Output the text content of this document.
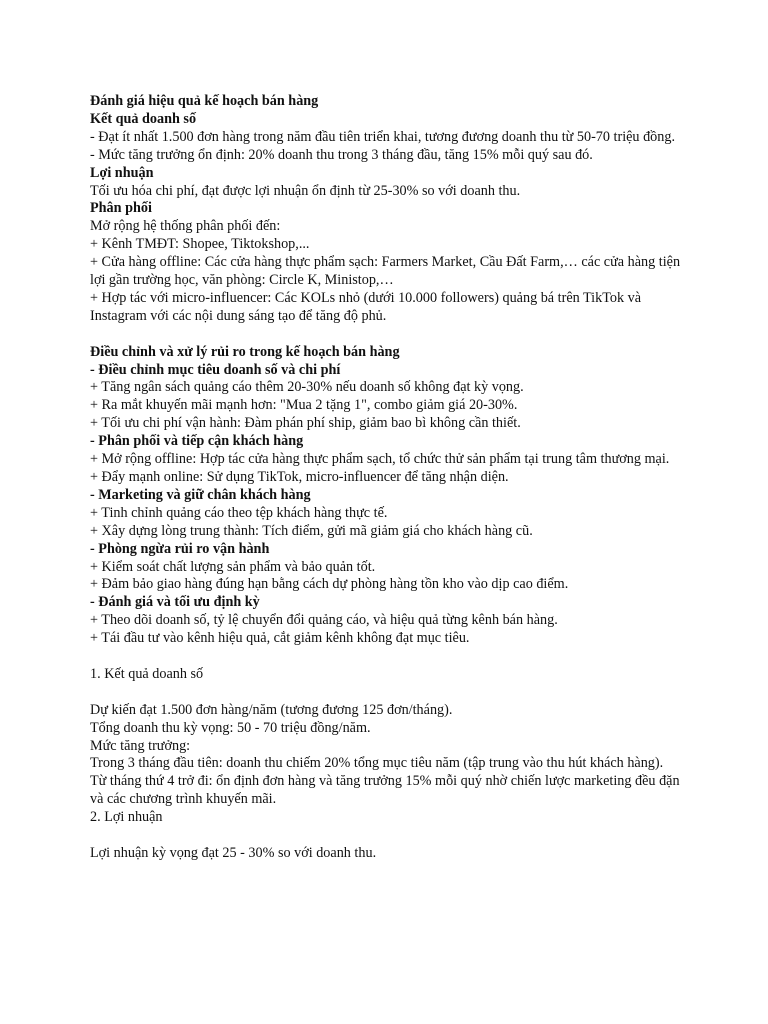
Đánh giá hiệu quả kế hoạch bán hàng

Kết quả doanh số

- Đạt ít nhất 1.500 đơn hàng trong năm đầu tiên triển khai, tương đương doanh thu từ 50-70 triệu đồng.

- Mức tăng trưởng ổn định: 20% doanh thu trong 3 tháng đầu, tăng 15% mỗi quý sau đó.

Lợi nhuận

Tối ưu hóa chi phí, đạt được lợi nhuận ổn định từ 25-30% so với doanh thu.

Phân phối

Mở rộng hệ thống phân phối đến:

+ Kênh TMĐT: Shopee, Tiktokshop,...

+ Cửa hàng offline: Các cửa hàng thực phẩm sạch: Farmers Market, Cầu Đất Farm,… các cửa hàng tiện lợi gần trường học, văn phòng: Circle K, Ministop,…

+ Hợp tác với micro-influencer: Các KOLs nhỏ (dưới 10.000 followers) quảng bá trên TikTok và Instagram với các nội dung sáng tạo để tăng độ phủ.

Điều chỉnh và xử lý rủi ro trong kế hoạch bán hàng

- Điều chỉnh mục tiêu doanh số và chi phí

+ Tăng ngân sách quảng cáo thêm 20-30% nếu doanh số không đạt kỳ vọng.

+ Ra mắt khuyến mãi mạnh hơn: "Mua 2 tặng 1", combo giảm giá 20-30%.

+ Tối ưu chi phí vận hành: Đàm phán phí ship, giảm bao bì không cần thiết.

- Phân phối và tiếp cận khách hàng

+ Mở rộng offline: Hợp tác cửa hàng thực phẩm sạch, tổ chức thử sản phẩm tại trung tâm thương mại.

+ Đẩy mạnh online: Sử dụng TikTok, micro-influencer để tăng nhận diện.

- Marketing và giữ chân khách hàng

+ Tinh chỉnh quảng cáo theo tệp khách hàng thực tế.

+ Xây dựng lòng trung thành: Tích điểm, gửi mã giảm giá cho khách hàng cũ.

- Phòng ngừa rủi ro vận hành

+ Kiểm soát chất lượng sản phẩm và bảo quản tốt.

+ Đảm bảo giao hàng đúng hạn bằng cách dự phòng hàng tồn kho vào dịp cao điểm.

- Đánh giá và tối ưu định kỳ

+ Theo dõi doanh số, tỷ lệ chuyển đổi quảng cáo, và hiệu quả từng kênh bán hàng.

+ Tái đầu tư vào kênh hiệu quả, cắt giảm kênh không đạt mục tiêu.

1. Kết quả doanh số

Dự kiến đạt 1.500 đơn hàng/năm (tương đương 125 đơn/tháng).

Tổng doanh thu kỳ vọng: 50 - 70 triệu đồng/năm.

Mức tăng trưởng:

Trong 3 tháng đầu tiên: doanh thu chiếm 20% tổng mục tiêu năm (tập trung vào thu hút khách hàng).

Từ tháng thứ 4 trở đi: ổn định đơn hàng và tăng trưởng 15% mỗi quý nhờ chiến lược marketing đều đặn và các chương trình khuyến mãi.

2. Lợi nhuận

Lợi nhuận kỳ vọng đạt 25 - 30% so với doanh thu.
